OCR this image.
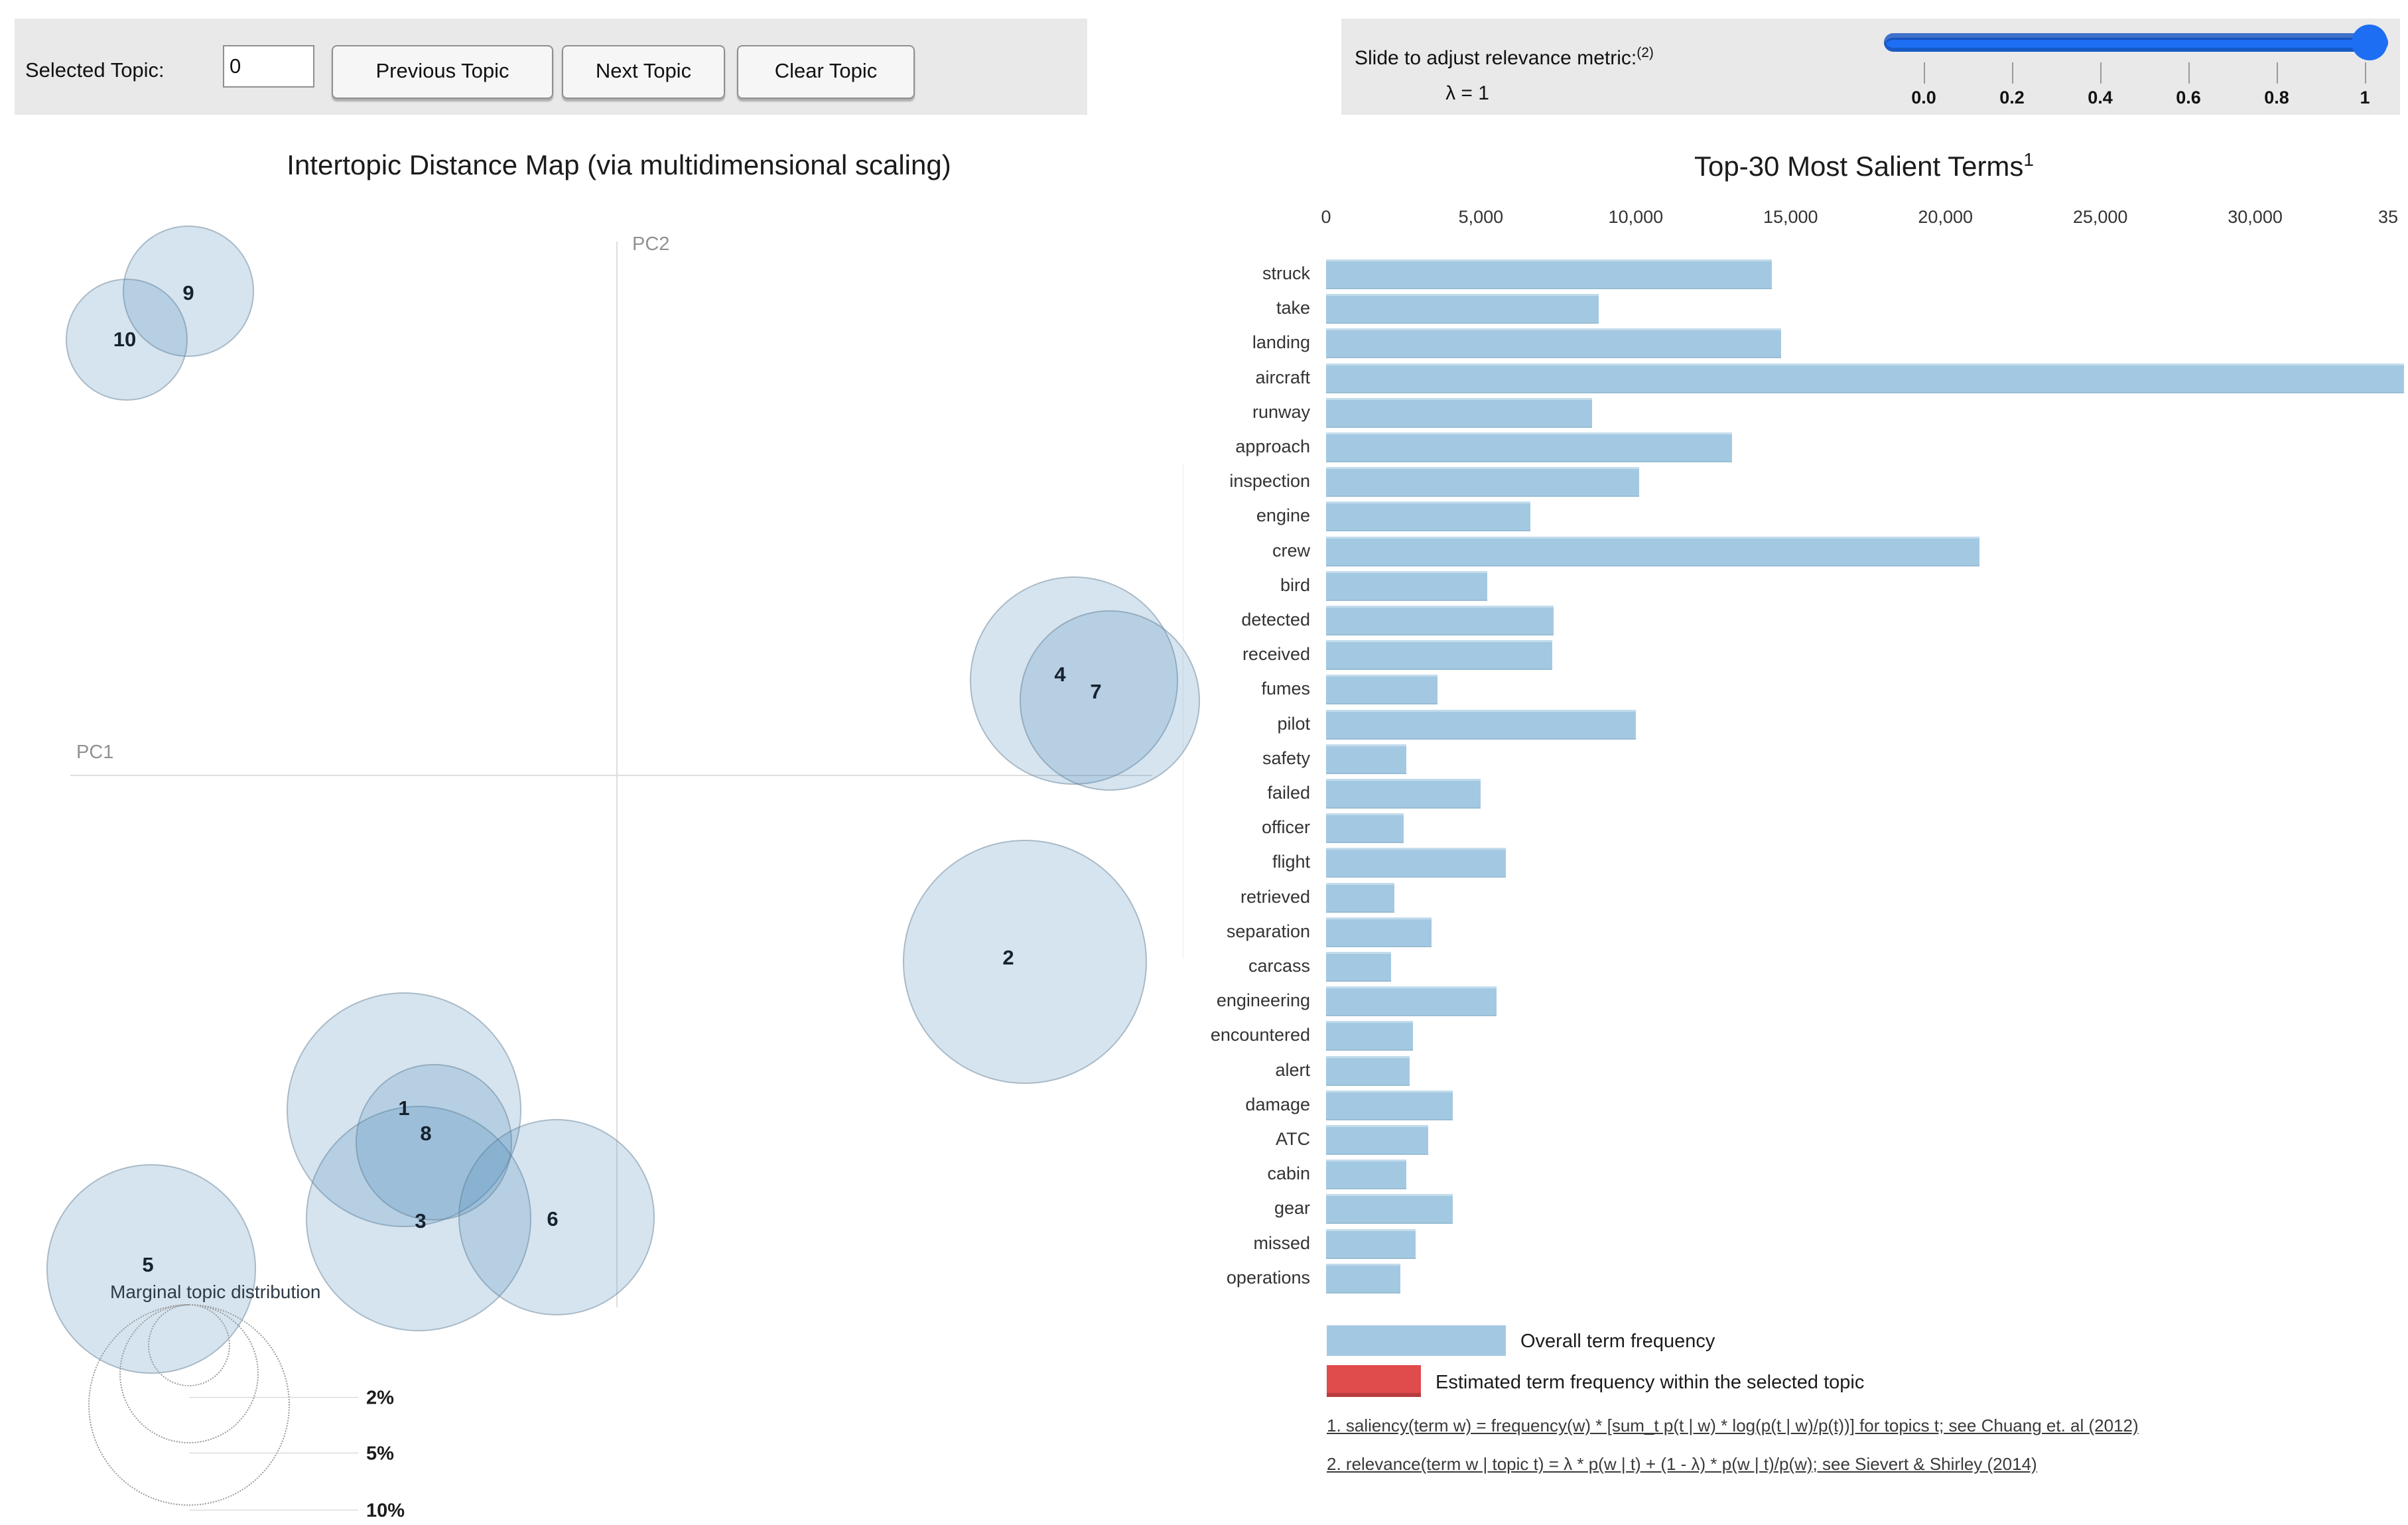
Selected Topic:
0	Previous Topic	Next Topic	Clear Topic
Slide to adjust relevance metric:$^{(2)}$
λ = 1	0.0	0.2	0.4	0.6	0.8	1
Intertopic Distance Map (via multidimensional scaling)	Top-30 Most Salient Terms$^1$
PC1
PC2
1
2
3
4
5
6
7
8
9
10
Marginal topic distribution
2%
5%
10%
0	5,000	10,000	15,000	20,000	25,000	30,000	35
struck
take
landing
aircraft
runway
approach
inspection
engine
crew
bird
detected
received
fumes
pilot
safety
failed
officer
flight
retrieved
separation
carcass
engineering
encountered
alert
damage
ATC
cabin
gear
missed
operations
Overall term frequency
Estimated term frequency within the selected topic
1. saliency(term w) = frequency(w) * [sum_t p(t | w) * log(p(t | w)/p(t))] for topics t; see Chuang et. al (2012)
2. relevance(term w | topic t) = λ * p(w | t) + (1 - λ) * p(w | t)/p(w); see Sievert & Shirley (2014)
